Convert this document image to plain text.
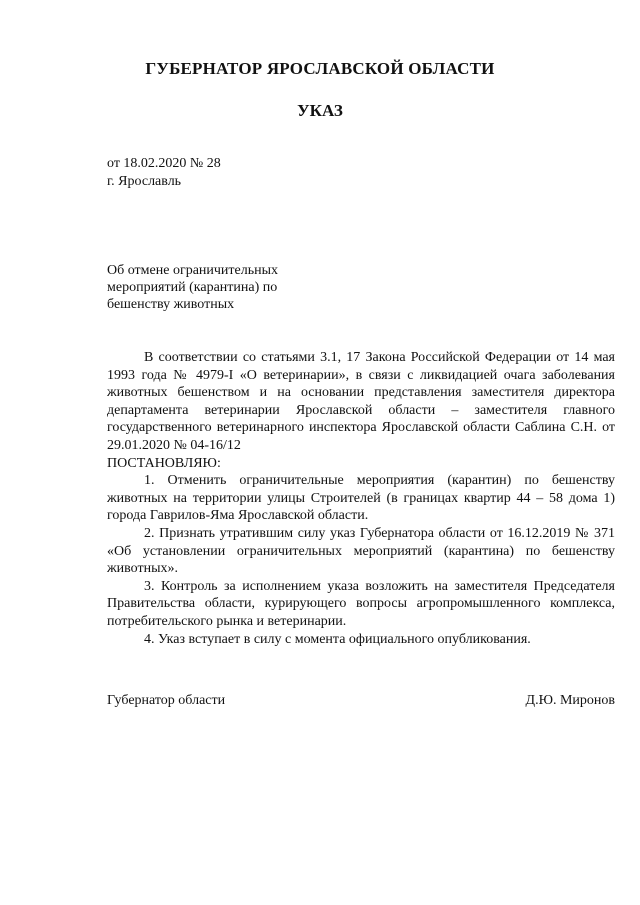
ГУБЕРНАТОР ЯРОСЛАВСКОЙ ОБЛАСТИ
УКАЗ
от 18.02.2020 № 28
г. Ярославль
Об отмене ограничительных мероприятий (карантина) по бешенству животных

В соответствии со статьями 3.1, 17 Закона Российской Федерации от 14 мая 1993 года № 4979-I «О ветеринарии», в связи с ликвидацией очага заболевания животных бешенством и на основании представления заместителя директора департамента ветеринарии Ярославской области – заместителя главного государственного ветеринарного инспектора Ярославской области Саблина С.Н. от 29.01.2020 № 04-16/12

ПОСТАНОВЛЯЮ:

1. Отменить ограничительные мероприятия (карантин) по бешенству животных на территории улицы Строителей (в границах квартир 44 – 58 дома 1) города Гаврилов-Яма Ярославской области.

2. Признать утратившим силу указ Губернатора области от 16.12.2019 № 371 «Об установлении ограничительных мероприятий (карантина) по бешенству животных».

3. Контроль за исполнением указа возложить на заместителя Председателя Правительства области, курирующего вопросы агропромышленного комплекса, потребительского рынка и ветеринарии.

4. Указ вступает в силу с момента официального опубликования.

Губернатор области	Д.Ю. Миронов
